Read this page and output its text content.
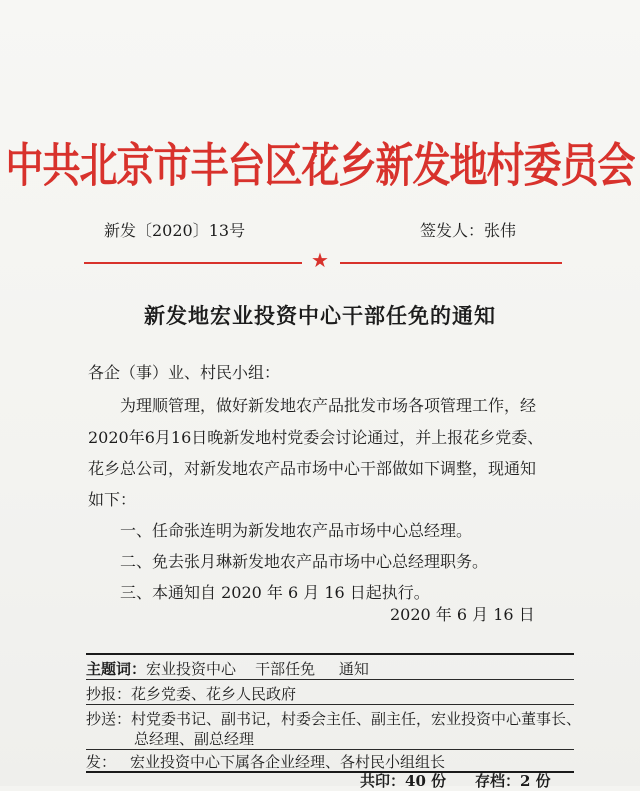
中共北京市丰台区花乡新发地村委员会
新发〔2020〕13号	签发人：张伟
★
新发地宏业投资中心干部任免的通知
各企（事）业、村民小组：
为理顺管理，做好新发地农产品批发市场各项管理工作，经
2020年6月16日晚新发地村党委会讨论通过，并上报花乡党委、
花乡总公司，对新发地农产品市场中心干部做如下调整，现通知
如下：
一、任命张连明为新发地农产品市场中心总经理。
二、免去张月琳新发地农产品市场中心总经理职务。
三、本通知自 2020 年 6 月 16 日起执行。
2020 年 6 月 16 日
主题词：宏业投资中心    干部任免     通知
抄报：花乡党委、花乡人民政府
抄送：村党委书记、副书记，村委会主任、副主任，宏业投资中心董事长、
总经理、副总经理
发： 宏业投资中心下属各企业经理、各村民小组组长
共印：40 份 存档：2 份
